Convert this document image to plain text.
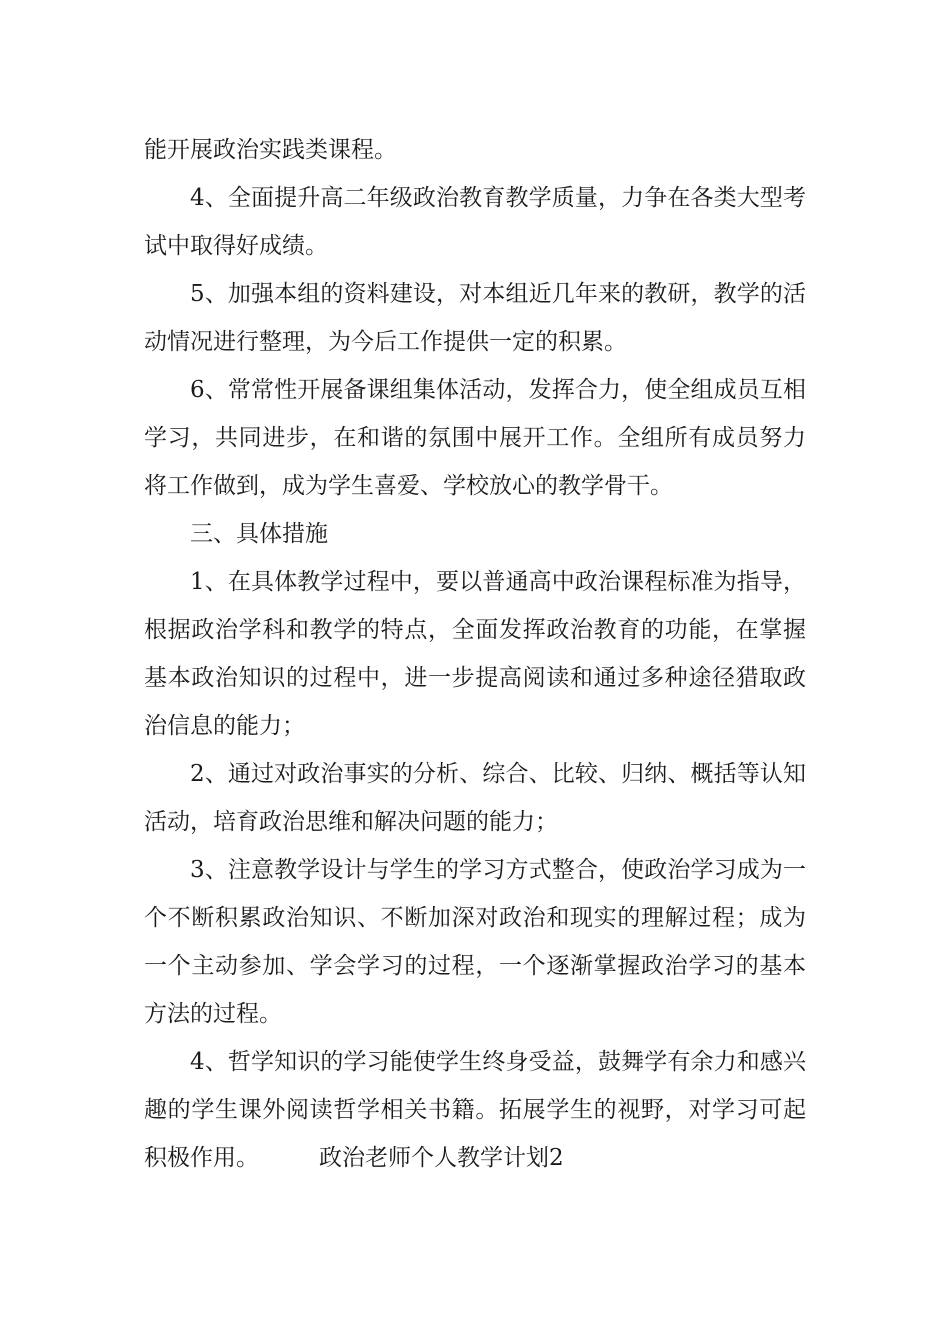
能开展政治实践类课程。

4、全面提升高二年级政治教育教学质量，力争在各类大型考试中取得好成绩。

5、加强本组的资料建设，对本组近几年来的教研，教学的活动情况进行整理，为今后工作提供一定的积累。

6、常常性开展备课组集体活动，发挥合力，使全组成员互相学习，共同进步，在和谐的氛围中展开工作。全组所有成员努力将工作做到，成为学生喜爱、学校放心的教学骨干。

三、具体措施

1、在具体教学过程中，要以普通高中政治课程标准为指导，根据政治学科和教学的特点，全面发挥政治教育的功能，在掌握基本政治知识的过程中，进一步提高阅读和通过多种途径猎取政治信息的能力；

2、通过对政治事实的分析、综合、比较、归纳、概括等认知活动，培育政治思维和解决问题的能力；

3、注意教学设计与学生的学习方式整合，使政治学习成为一个不断积累政治知识、不断加深对政治和现实的理解过程；成为一个主动参加、学会学习的过程，一个逐渐掌握政治学习的基本方法的过程。

4、哲学知识的学习能使学生终身受益，鼓舞学有余力和感兴趣的学生课外阅读哲学相关书籍。拓展学生的视野，对学习可起积极作用。	政治老师个人教学计划2
